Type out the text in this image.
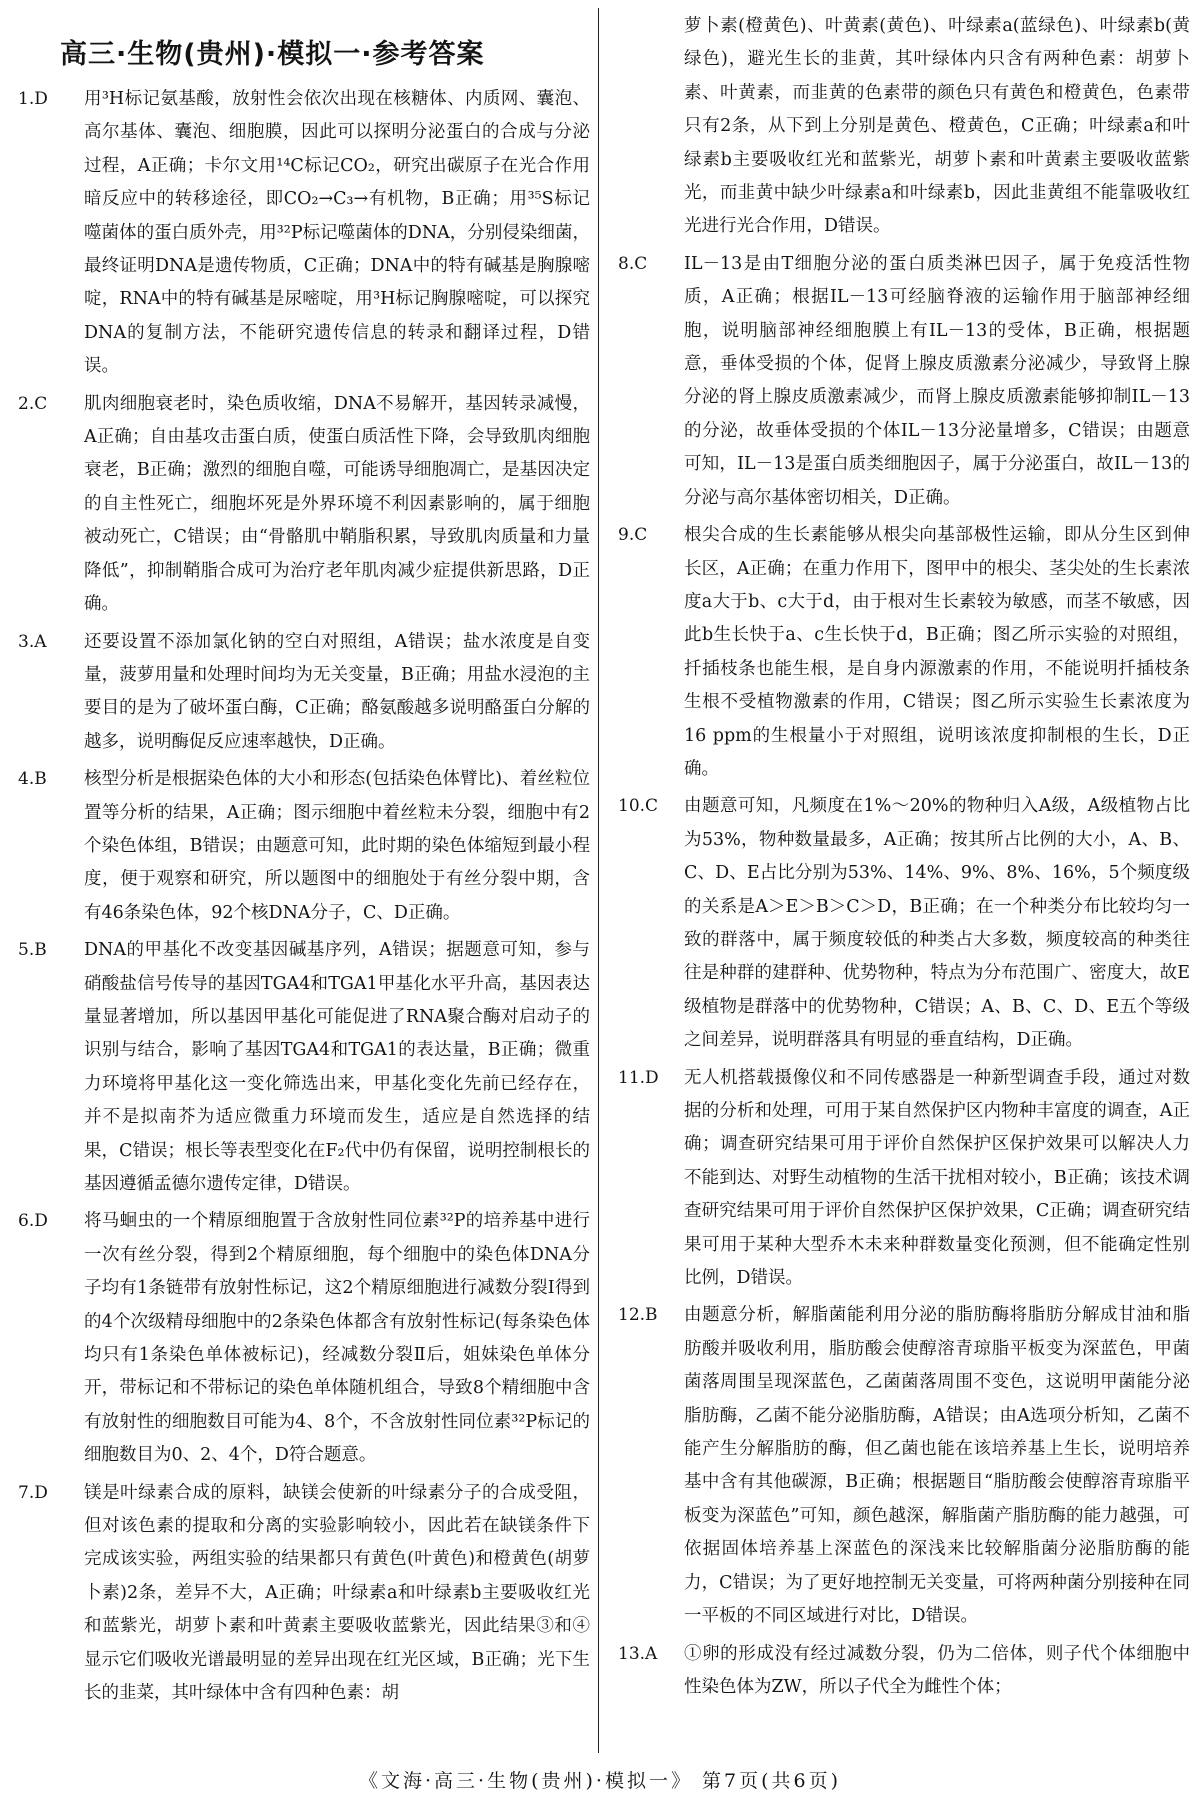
高三·生物(贵州)·模拟一·参考答案
1.D	用³H标记氨基酸，放射性会依次出现在核糖体、内质网、囊泡、高尔基体、囊泡、细胞膜，因此可以探明分泌蛋白的合成与分泌过程，A正确；卡尔文用¹⁴C标记CO₂，研究出碳原子在光合作用暗反应中的转移途径，即CO₂→C₃→有机物，B正确；用³⁵S标记噬菌体的蛋白质外壳，用³²P标记噬菌体的DNA，分别侵染细菌，最终证明DNA是遗传物质，C正确；DNA中的特有碱基是胸腺嘧啶，RNA中的特有碱基是尿嘧啶，用³H标记胸腺嘧啶，可以探究DNA的复制方法，不能研究遗传信息的转录和翻译过程，D错误。
2.C	肌肉细胞衰老时，染色质收缩，DNA不易解开，基因转录减慢，A正确；自由基攻击蛋白质，使蛋白质活性下降，会导致肌肉细胞衰老，B正确；激烈的细胞自噬，可能诱导细胞凋亡，是基因决定的自主性死亡，细胞坏死是外界环境不利因素影响的，属于细胞被动死亡，C错误；由“骨骼肌中鞘脂积累，导致肌肉质量和力量降低”，抑制鞘脂合成可为治疗老年肌肉减少症提供新思路，D正确。
3.A	还要设置不添加氯化钠的空白对照组，A错误；盐水浓度是自变量，菠萝用量和处理时间均为无关变量，B正确；用盐水浸泡的主要目的是为了破坏蛋白酶，C正确；酪氨酸越多说明酪蛋白分解的越多，说明酶促反应速率越快，D正确。
4.B	核型分析是根据染色体的大小和形态(包括染色体臂比)、着丝粒位置等分析的结果，A正确；图示细胞中着丝粒未分裂，细胞中有2个染色体组，B错误；由题意可知，此时期的染色体缩短到最小程度，便于观察和研究，所以题图中的细胞处于有丝分裂中期，含有46条染色体，92个核DNA分子，C、D正确。
5.B	DNA的甲基化不改变基因碱基序列，A错误；据题意可知，参与硝酸盐信号传导的基因TGA4和TGA1甲基化水平升高，基因表达量显著增加，所以基因甲基化可能促进了RNA聚合酶对启动子的识别与结合，影响了基因TGA4和TGA1的表达量，B正确；微重力环境将甲基化这一变化筛选出来，甲基化变化先前已经存在，并不是拟南芥为适应微重力环境而发生，适应是自然选择的结果，C错误；根长等表型变化在F₂代中仍有保留，说明控制根长的基因遵循孟德尔遗传定律，D错误。
6.D	将马蛔虫的一个精原细胞置于含放射性同位素³²P的培养基中进行一次有丝分裂，得到2个精原细胞，每个细胞中的染色体DNA分子均有1条链带有放射性标记，这2个精原细胞进行减数分裂Ⅰ得到的4个次级精母细胞中的2条染色体都含有放射性标记(每条染色体均只有1条染色单体被标记)，经减数分裂Ⅱ后，姐妹染色单体分开，带标记和不带标记的染色单体随机组合，导致8个精细胞中含有放射性的细胞数目可能为4、8个，不含放射性同位素³²P标记的细胞数目为0、2、4个，D符合题意。
7.D	镁是叶绿素合成的原料，缺镁会使新的叶绿素分子的合成受阻，但对该色素的提取和分离的实验影响较小，因此若在缺镁条件下完成该实验，两组实验的结果都只有黄色(叶黄色)和橙黄色(胡萝卜素)2条，差异不大，A正确；叶绿素a和叶绿素b主要吸收红光和蓝紫光，胡萝卜素和叶黄素主要吸收蓝紫光，因此结果③和④显示它们吸收光谱最明显的差异出现在红光区域，B正确；光下生长的韭菜，其叶绿体中含有四种色素：胡
萝卜素(橙黄色)、叶黄素(黄色)、叶绿素a(蓝绿色)、叶绿素b(黄绿色)，避光生长的韭黄，其叶绿体内只含有两种色素：胡萝卜素、叶黄素，而韭黄的色素带的颜色只有黄色和橙黄色，色素带只有2条，从下到上分别是黄色、橙黄色，C正确；叶绿素a和叶绿素b主要吸收红光和蓝紫光，胡萝卜素和叶黄素主要吸收蓝紫光，而韭黄中缺少叶绿素a和叶绿素b，因此韭黄组不能靠吸收红光进行光合作用，D错误。
8.C	IL－13是由T细胞分泌的蛋白质类淋巴因子，属于免疫活性物质，A正确；根据IL－13可经脑脊液的运输作用于脑部神经细胞，说明脑部神经细胞膜上有IL－13的受体，B正确，根据题意，垂体受损的个体，促肾上腺皮质激素分泌减少，导致肾上腺分泌的肾上腺皮质激素减少，而肾上腺皮质激素能够抑制IL－13的分泌，故垂体受损的个体IL－13分泌量增多，C错误；由题意可知，IL－13是蛋白质类细胞因子，属于分泌蛋白，故IL－13的分泌与高尔基体密切相关，D正确。
9.C	根尖合成的生长素能够从根尖向基部极性运输，即从分生区到伸长区，A正确；在重力作用下，图甲中的根尖、茎尖处的生长素浓度a大于b、c大于d，由于根对生长素较为敏感，而茎不敏感，因此b生长快于a、c生长快于d，B正确；图乙所示实验的对照组，扦插枝条也能生根，是自身内源激素的作用，不能说明扦插枝条生根不受植物激素的作用，C错误；图乙所示实验生长素浓度为16 ppm的生根量小于对照组，说明该浓度抑制根的生长，D正确。
10.C	由题意可知，凡频度在1%～20%的物种归入A级，A级植物占比为53%，物种数量最多，A正确；按其所占比例的大小，A、B、C、D、E占比分别为53%、14%、9%、8%、16%，5个频度级的关系是A＞E＞B＞C＞D，B正确；在一个种类分布比较均匀一致的群落中，属于频度较低的种类占大多数，频度较高的种类往往是种群的建群种、优势物种，特点为分布范围广、密度大，故E级植物是群落中的优势物种，C错误；A、B、C、D、E五个等级之间差异，说明群落具有明显的垂直结构，D正确。
11.D	无人机搭载摄像仪和不同传感器是一种新型调查手段，通过对数据的分析和处理，可用于某自然保护区内物种丰富度的调查，A正确；调查研究结果可用于评价自然保护区保护效果可以解决人力不能到达、对野生动植物的生活干扰相对较小，B正确；该技术调查研究结果可用于评价自然保护区保护效果，C正确；调查研究结果可用于某种大型乔木未来种群数量变化预测，但不能确定性别比例，D错误。
12.B	由题意分析，解脂菌能利用分泌的脂肪酶将脂肪分解成甘油和脂肪酸并吸收利用，脂肪酸会使醇溶青琼脂平板变为深蓝色，甲菌菌落周围呈现深蓝色，乙菌菌落周围不变色，这说明甲菌能分泌脂肪酶，乙菌不能分泌脂肪酶，A错误；由A选项分析知，乙菌不能产生分解脂肪的酶，但乙菌也能在该培养基上生长，说明培养基中含有其他碳源，B正确；根据题目“脂肪酸会使醇溶青琼脂平板变为深蓝色”可知，颜色越深，解脂菌产脂肪酶的能力越强，可依据固体培养基上深蓝色的深浅来比较解脂菌分泌脂肪酶的能力，C错误；为了更好地控制无关变量，可将两种菌分别接种在同一平板的不同区域进行对比，D错误。
13.A	①卵的形成没有经过减数分裂，仍为二倍体，则子代个体细胞中性染色体为ZW，所以子代全为雌性个体；
《文海·高三·生物(贵州)·模拟一》 第7页(共6页)
